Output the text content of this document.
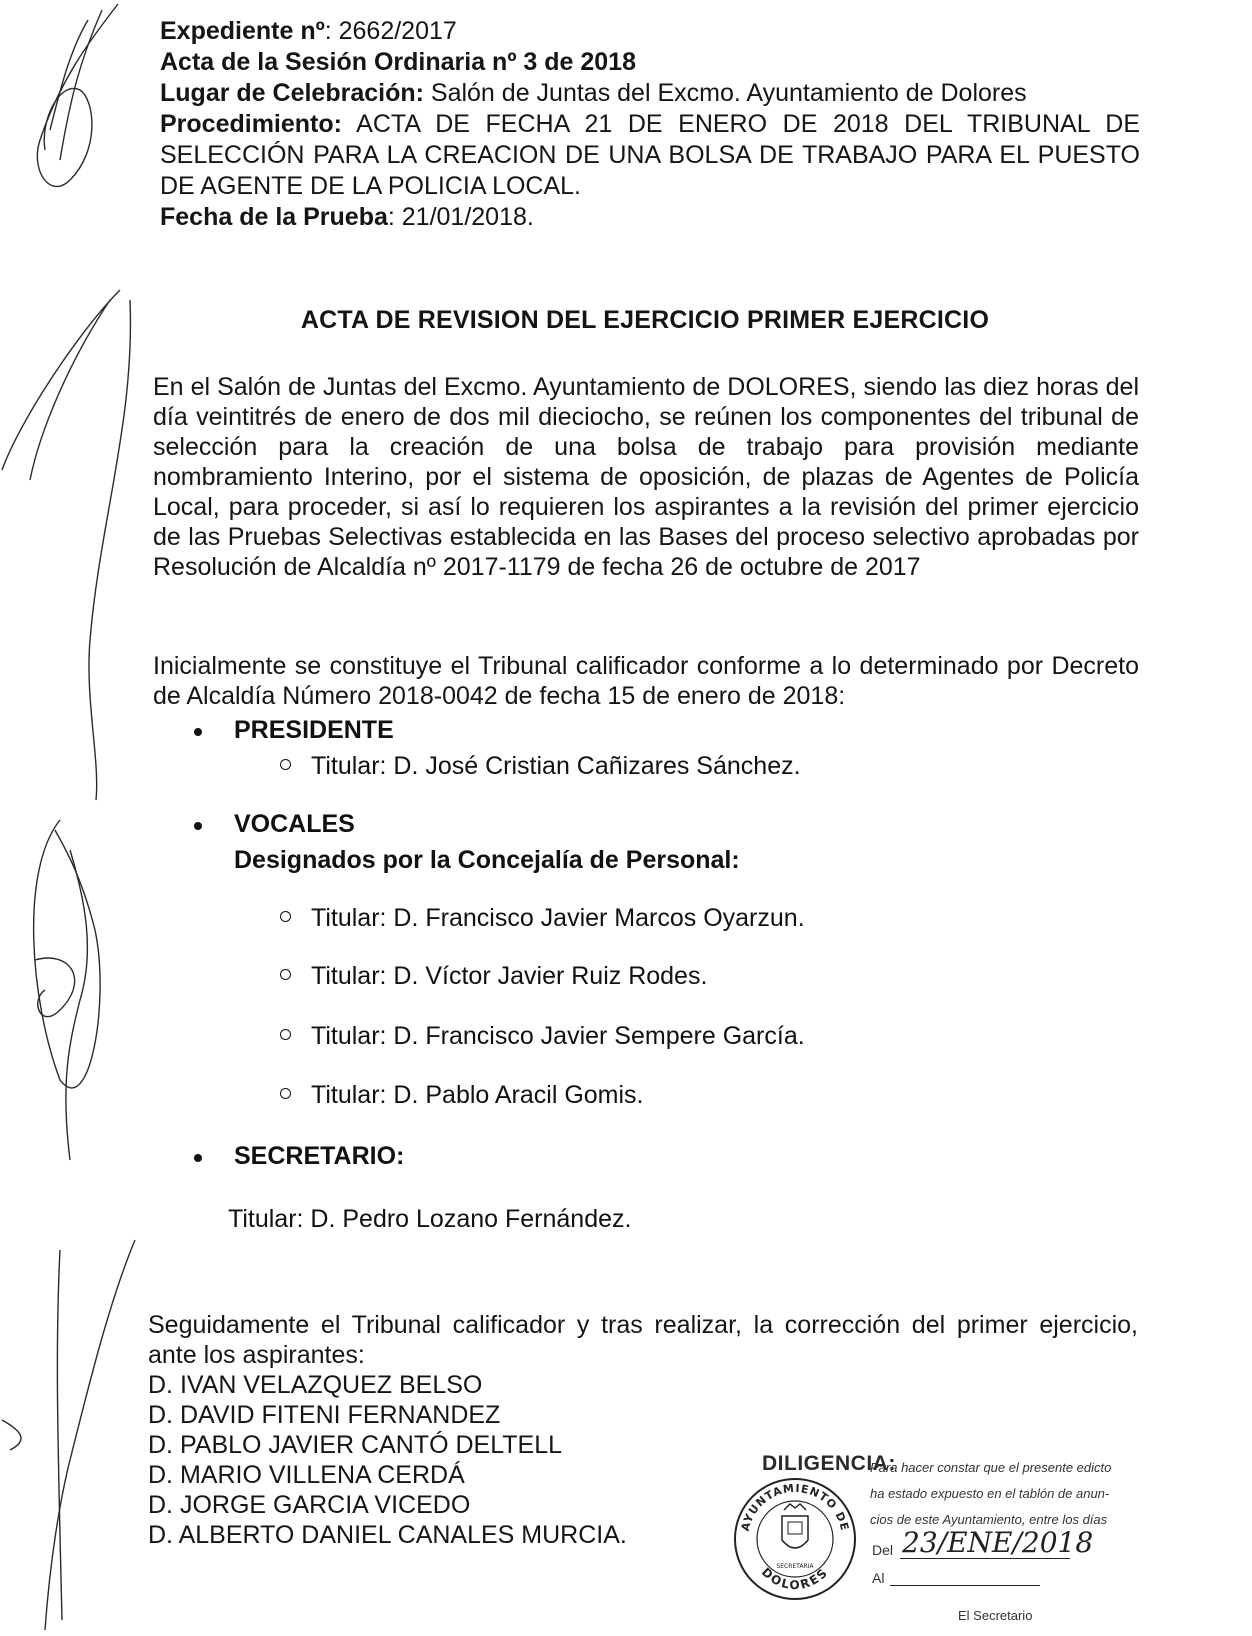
Expediente nº: 2662/2017
Acta de la Sesión Ordinaria nº 3 de 2018
Lugar de Celebración: Salón de Juntas del Excmo. Ayuntamiento de Dolores
Procedimiento: ACTA DE FECHA 21 DE ENERO DE 2018 DEL TRIBUNAL DE SELECCIÓN PARA LA CREACION DE UNA BOLSA DE TRABAJO PARA EL PUESTO DE AGENTE DE LA POLICIA LOCAL.
Fecha de la Prueba: 21/01/2018.
ACTA DE REVISION DEL EJERCICIO PRIMER EJERCICIO
En el Salón de Juntas del Excmo. Ayuntamiento de DOLORES, siendo las diez horas del día veintitrés de enero de dos mil dieciocho, se reúnen los componentes del tribunal de selección para la creación de una bolsa de trabajo para provisión mediante nombramiento Interino, por el sistema de oposición, de plazas de Agentes de Policía Local, para proceder, si así lo requieren los aspirantes a la revisión del primer ejercicio de las Pruebas Selectivas establecida en las Bases del proceso selectivo aprobadas por Resolución de Alcaldía nº 2017-1179 de fecha 26 de octubre de 2017
Inicialmente se constituye el Tribunal calificador conforme a lo determinado por Decreto de Alcaldía Número 2018-0042 de fecha 15 de enero de 2018:
PRESIDENTE
Titular: D. José Cristian Cañizares Sánchez.
VOCALES
Designados por la Concejalía de Personal:
Titular: D. Francisco Javier Marcos Oyarzun.
Titular: D. Víctor Javier Ruiz Rodes.
Titular: D. Francisco Javier Sempere García.
Titular: D. Pablo Aracil Gomis.
SECRETARIO:
Titular: D. Pedro Lozano Fernández.
Seguidamente el Tribunal calificador y tras realizar, la corrección del primer ejercicio, ante los aspirantes:
D. IVAN VELAZQUEZ BELSO
D. DAVID FITENI FERNANDEZ
D. PABLO JAVIER CANTÓ DELTELL
D. MARIO VILLENA CERDÁ
D. JORGE GARCIA VICEDO
D. ALBERTO DANIEL CANALES MURCIA.
DILIGENCIA:
Para hacer constar que el presente edicto
ha estado expuesto en el tablón de anun-
cios de este Ayuntamiento, entre los días
Del 23/ENE/2018
Al
El Secretario
AYUNTAMIENTO DE
DOLORES
SECRETARIA
